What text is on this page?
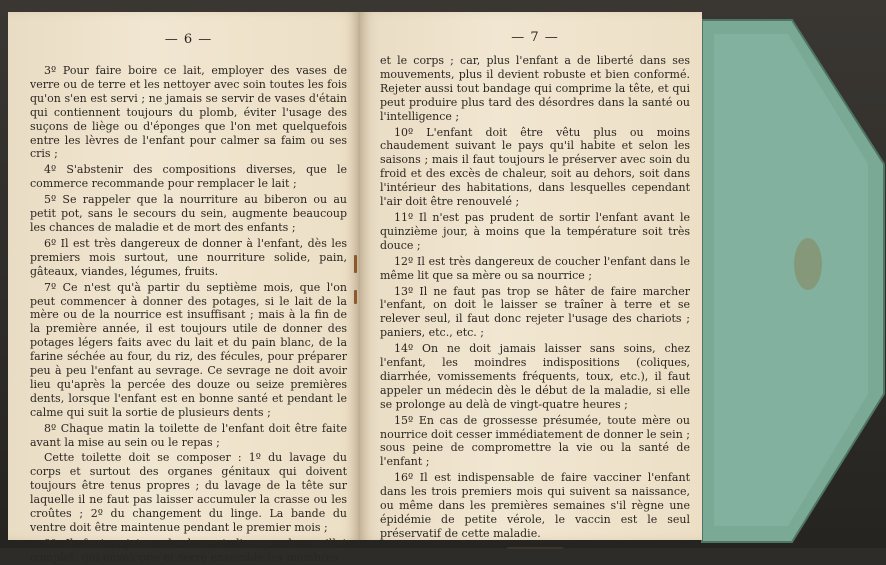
— 6 —

3º Pour faire boire ce lait, employer des vases de verre ou de terre et les nettoyer avec soin toutes les fois qu'on s'en est servi ; ne jamais se servir de vases d'étain qui contiennent toujours du plomb, éviter l'usage des suçons de liège ou d'éponges que l'on met quelquefois entre les lèvres de l'enfant pour calmer sa faim ou ses cris ;

4º S'abstenir des compositions diverses, que le commerce recommande pour remplacer le lait ;

5º Se rappeler que la nourriture au biberon ou au petit pot, sans le secours du sein, augmente beaucoup les chances de maladie et de mort des enfants ;

6º Il est très dangereux de donner à l'enfant, dès les premiers mois surtout, une nourriture solide, pain, gâteaux, viandes, légumes, fruits.

7º Ce n'est qu'à partir du septième mois, que l'on peut commencer à donner des potages, si le lait de la mère ou de la nourrice est insuffisant ; mais à la fin de la première année, il est toujours utile de donner des potages légers faits avec du lait et du pain blanc, de la farine séchée au four, du riz, des fécules, pour préparer peu à peu l'enfant au sevrage. Ce sevrage ne doit avoir lieu qu'après la percée des douze ou seize premières dents, lorsque l'enfant est en bonne santé et pendant le calme qui suit la sortie de plusieurs dents ;

8º Chaque matin la toilette de l'enfant doit être faite avant la mise au sein ou le repas ;

Cette toilette doit se composer : 1º du lavage du corps et surtout des organes génitaux qui doivent toujours être tenus propres ; du lavage de la tête sur laquelle il ne faut pas laisser accumuler la crasse ou les croûtes ; 2º du changement du linge. La bande du ventre doit être maintenue pendant le premier mois ;

9º Il faut rejeter absolument l'usage du maillot complet, qui enveloppe et serre ensemble les membres

— 7 —

et le corps ; car, plus l'enfant a de liberté dans ses mouvements, plus il devient robuste et bien conformé. Rejeter aussi tout bandage qui comprime la tête, et qui peut produire plus tard des désordres dans la santé ou l'intelligence ;

10º L'enfant doit être vêtu plus ou moins chaudement suivant le pays qu'il habite et selon les saisons ; mais il faut toujours le préserver avec soin du froid et des excès de chaleur, soit au dehors, soit dans l'intérieur des habitations, dans lesquelles cependant l'air doit être renouvelé ;

11º Il n'est pas prudent de sortir l'enfant avant le quinzième jour, à moins que la température soit très douce ;

12º Il est très dangereux de coucher l'enfant dans le même lit que sa mère ou sa nourrice ;

13º Il ne faut pas trop se hâter de faire marcher l'enfant, on doit le laisser se traîner à terre et se relever seul, il faut donc rejeter l'usage des chariots ; paniers, etc., etc. ;

14º On ne doit jamais laisser sans soins, chez l'enfant, les moindres indispositions (coliques, diarrhée, vomissements fréquents, toux, etc.), il faut appeler un médecin dès le début de la maladie, si elle se prolonge au delà de vingt-quatre heures ;

15º En cas de grossesse présumée, toute mère ou nourrice doit cesser immédiatement de donner le sein ; sous peine de compromettre la vie ou la santé de l'enfant ;

16º Il est indispensable de faire vacciner l'enfant dans les trois premiers mois qui suivent sa naissance, ou même dans les premières semaines s'il règne une épidémie de petite vérole, le vaccin est le seul préservatif de cette maladie.
